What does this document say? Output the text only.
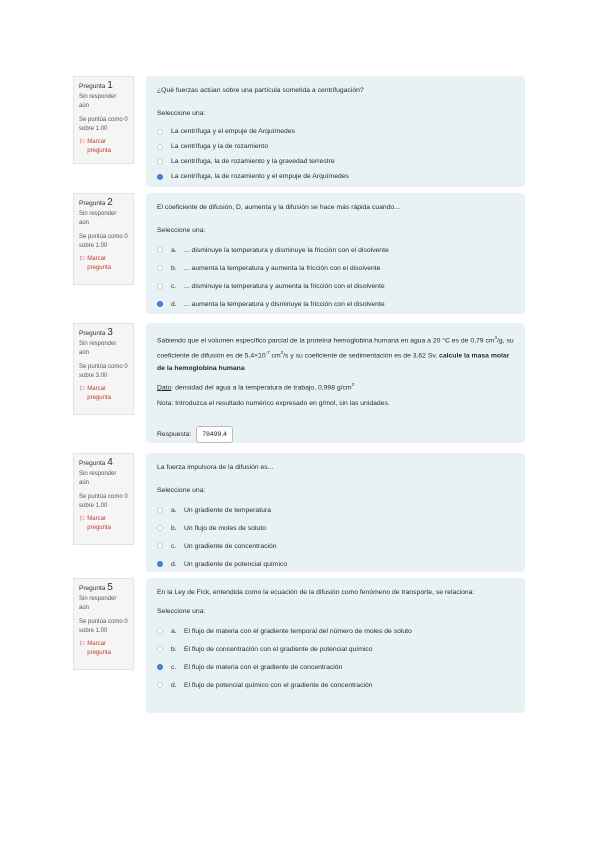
Pregunta 1
Sin responder aún
Se puntúa como 0 sobre 1.00
⚐ Marcar pregunta
¿Qué fuerzas actúan sobre una partícula sometida a centrifugación?
Seleccione una:
La centrífuga y el empuje de Arquímedes
La centrífuga y la de rozamiento
La centrífuga, la de rozamiento y la gravedad terrestre
La centrífuga, la de rozamiento y el empuje de Arquímedes
Pregunta 2
Sin responder aún
Se puntúa como 0 sobre 1.00
⚐ Marcar pregunta
El coeficiente de difusión, D, aumenta y la difusión se hace más rápida cuando...
Seleccione una:
a.	... disminuye la temperatura y disminuye la fricción con el disolvente
b.	... aumenta la temperatura y aumenta la fricción con el disolvente
c.	... disminuye la temperatura y aumenta la fricción con el disolvente
d.	... aumenta la temperatura y disminuye la fricción con el disolvente
Pregunta 3
Sin responder aún
Se puntúa como 0 sobre 3.00
⚐ Marcar pregunta
Sabiendo que el volumen específico parcial de la proteína hemoglobina humana en agua a 20 °C es de 0,79 $cm^3/g$, su coeficiente de difusión es de $5,4\times 10^{-7}$ $cm^2/s$ y su coeficiente de sedimentación es de 3,62 Sv, calcule la masa molar de la hemoglobina humana
Dato: densidad del agua a la temperatura de trabajo, 0,998 $g/cm^3$
Nota: Introduzca el resultado numérico expresado en g/mol, sin las unidades.
Respuesta:	78499,4
Pregunta 4
Sin responder aún
Se puntúa como 0 sobre 1.00
⚐ Marcar pregunta
La fuerza impulsora de la difusión es...
Seleccione una:
a.	Un gradiente de temperatura
b.	Un flujo de moles de soluto
c.	Un gradiente de concentración
d.	Un gradiente de potencial químico
Pregunta 5
Sin responder aún
Se puntúa como 0 sobre 1.00
⚐ Marcar pregunta
En la Ley de Fick, entendida como la ecuación de la difusión como fenómeno de transporte, se relaciona:
Seleccione una:
a.	El flujo de materia con el gradiente temporal del número de moles de soluto
b.	El flujo de concentración con el gradiente de potencial químico
c.	El flujo de materia con el gradiente de concentración
d.	El flujo de potencial químico con el gradiente de concentración
